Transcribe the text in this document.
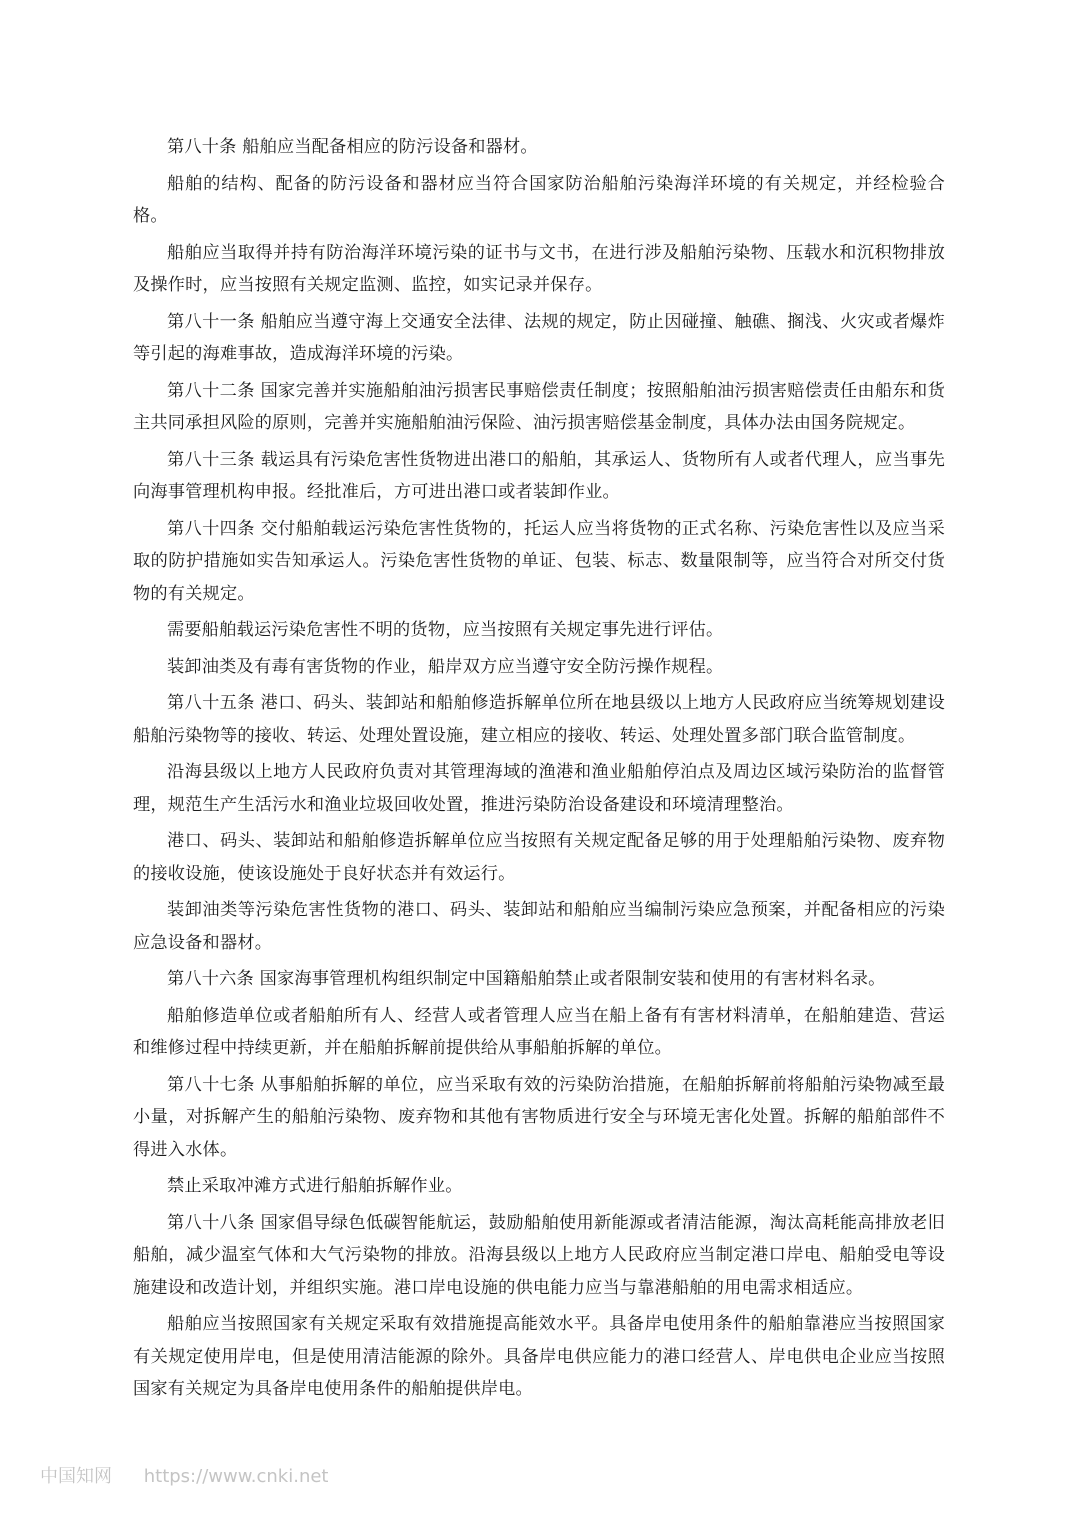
第八十条 船舶应当配备相应的防污设备和器材。

船舶的结构、配备的防污设备和器材应当符合国家防治船舶污染海洋环境的有关规定，并经检验合格。

船舶应当取得并持有防治海洋环境污染的证书与文书，在进行涉及船舶污染物、压载水和沉积物排放及操作时，应当按照有关规定监测、监控，如实记录并保存。

第八十一条 船舶应当遵守海上交通安全法律、法规的规定，防止因碰撞、触礁、搁浅、火灾或者爆炸等引起的海难事故，造成海洋环境的污染。

第八十二条 国家完善并实施船舶油污损害民事赔偿责任制度；按照船舶油污损害赔偿责任由船东和货主共同承担风险的原则，完善并实施船舶油污保险、油污损害赔偿基金制度，具体办法由国务院规定。

第八十三条 载运具有污染危害性货物进出港口的船舶，其承运人、货物所有人或者代理人，应当事先向海事管理机构申报。经批准后，方可进出港口或者装卸作业。

第八十四条 交付船舶载运污染危害性货物的，托运人应当将货物的正式名称、污染危害性以及应当采取的防护措施如实告知承运人。污染危害性货物的单证、包装、标志、数量限制等，应当符合对所交付货物的有关规定。

需要船舶载运污染危害性不明的货物，应当按照有关规定事先进行评估。

装卸油类及有毒有害货物的作业，船岸双方应当遵守安全防污操作规程。

第八十五条 港口、码头、装卸站和船舶修造拆解单位所在地县级以上地方人民政府应当统筹规划建设船舶污染物等的接收、转运、处理处置设施，建立相应的接收、转运、处理处置多部门联合监管制度。

沿海县级以上地方人民政府负责对其管理海域的渔港和渔业船舶停泊点及周边区域污染防治的监督管理，规范生产生活污水和渔业垃圾回收处置，推进污染防治设备建设和环境清理整治。

港口、码头、装卸站和船舶修造拆解单位应当按照有关规定配备足够的用于处理船舶污染物、废弃物的接收设施，使该设施处于良好状态并有效运行。

装卸油类等污染危害性货物的港口、码头、装卸站和船舶应当编制污染应急预案，并配备相应的污染应急设备和器材。

第八十六条 国家海事管理机构组织制定中国籍船舶禁止或者限制安装和使用的有害材料名录。

船舶修造单位或者船舶所有人、经营人或者管理人应当在船上备有有害材料清单，在船舶建造、营运和维修过程中持续更新，并在船舶拆解前提供给从事船舶拆解的单位。

第八十七条 从事船舶拆解的单位，应当采取有效的污染防治措施，在船舶拆解前将船舶污染物减至最小量，对拆解产生的船舶污染物、废弃物和其他有害物质进行安全与环境无害化处置。拆解的船舶部件不得进入水体。

禁止采取冲滩方式进行船舶拆解作业。

第八十八条 国家倡导绿色低碳智能航运，鼓励船舶使用新能源或者清洁能源，淘汰高耗能高排放老旧船舶，减少温室气体和大气污染物的排放。沿海县级以上地方人民政府应当制定港口岸电、船舶受电等设施建设和改造计划，并组织实施。港口岸电设施的供电能力应当与靠港船舶的用电需求相适应。

船舶应当按照国家有关规定采取有效措施提高能效水平。具备岸电使用条件的船舶靠港应当按照国家有关规定使用岸电，但是使用清洁能源的除外。具备岸电供应能力的港口经营人、岸电供电企业应当按照国家有关规定为具备岸电使用条件的船舶提供岸电。

中国知网 https://www.cnki.net
